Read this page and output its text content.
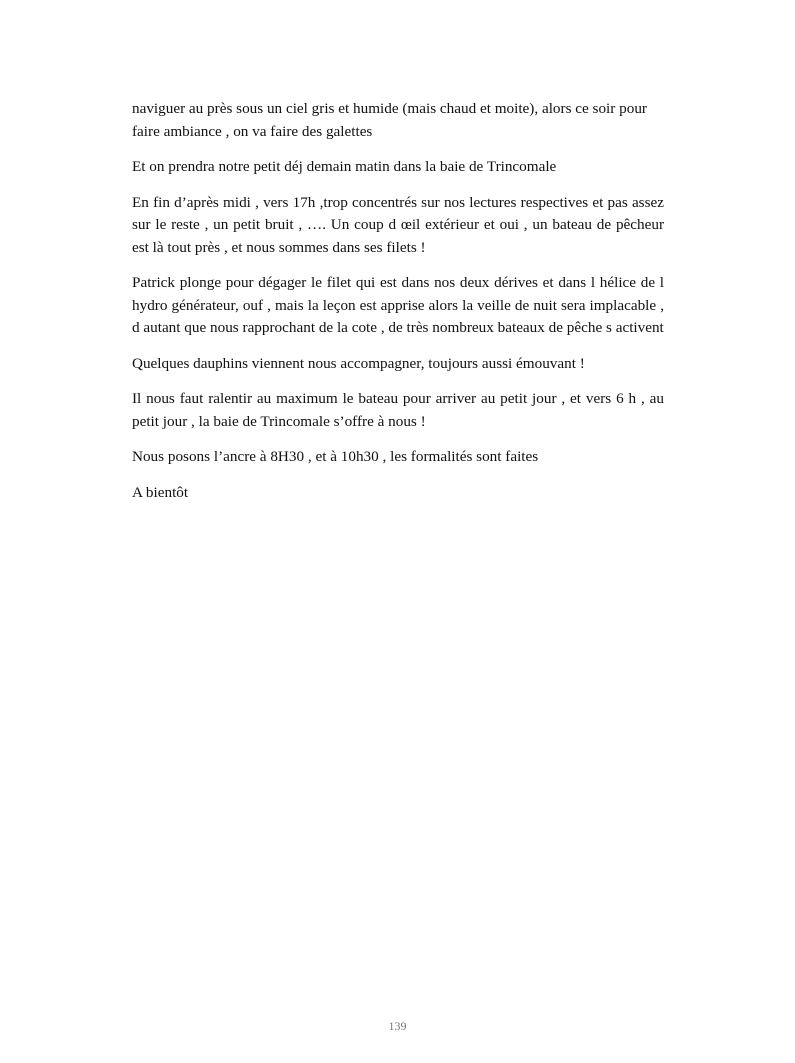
naviguer au près sous un ciel gris et humide (mais chaud et moite), alors ce soir pour faire ambiance , on va faire des galettes

Et on prendra notre petit déj demain matin dans la baie de Trincomale

En fin d’après midi , vers 17h ,trop concentrés sur nos lectures respectives et pas assez sur le reste , un petit bruit , …. Un coup d œil extérieur et oui , un bateau de pêcheur est là tout près , et nous sommes dans ses filets !

Patrick plonge pour dégager le filet qui est dans nos deux dérives et dans l hélice de l hydro générateur, ouf , mais la leçon est apprise alors la veille de nuit sera implacable , d autant que nous rapprochant de la cote , de très nombreux bateaux de pêche s activent

Quelques dauphins viennent nous accompagner, toujours aussi émouvant !

Il nous faut ralentir au maximum le bateau pour arriver au petit jour , et vers 6 h , au petit jour , la baie de Trincomale s’offre à nous !

Nous posons l’ancre à 8H30 , et à 10h30 , les formalités sont faites

A bientôt

139
